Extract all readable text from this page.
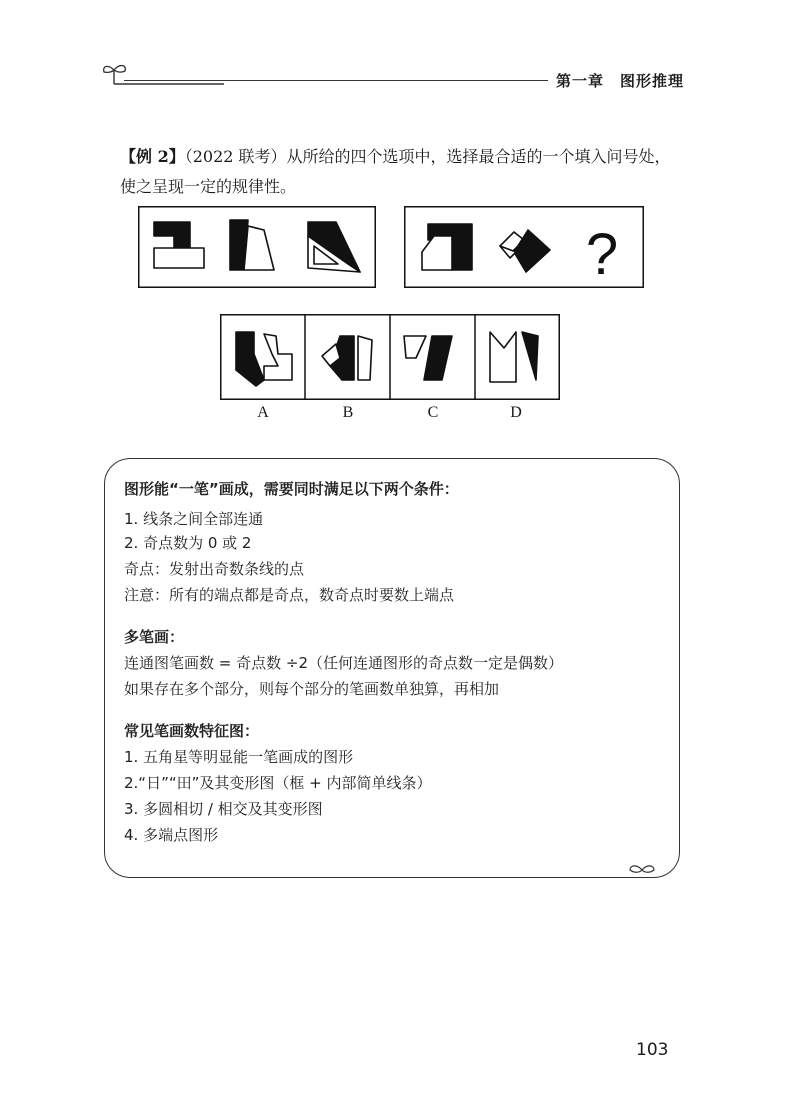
第一章 图形推理
【例 2】（2022 联考）从所给的四个选项中，选择最合适的一个填入问号处，使之呈现一定的规律性。
?
A	B	C	D
图形能“一笔”画成，需要同时满足以下两个条件：
1. 线条之间全部连通
2. 奇点数为 0 或 2
奇点：发射出奇数条线的点
注意：所有的端点都是奇点，数奇点时要数上端点
多笔画：
连通图笔画数 = 奇点数 ÷2（任何连通图形的奇点数一定是偶数）
如果存在多个部分，则每个部分的笔画数单独算，再相加
常见笔画数特征图：
1. 五角星等明显能一笔画成的图形
2.“日”“田”及其变形图（框 + 内部简单线条）
3. 多圆相切 / 相交及其变形图
4. 多端点图形
103
